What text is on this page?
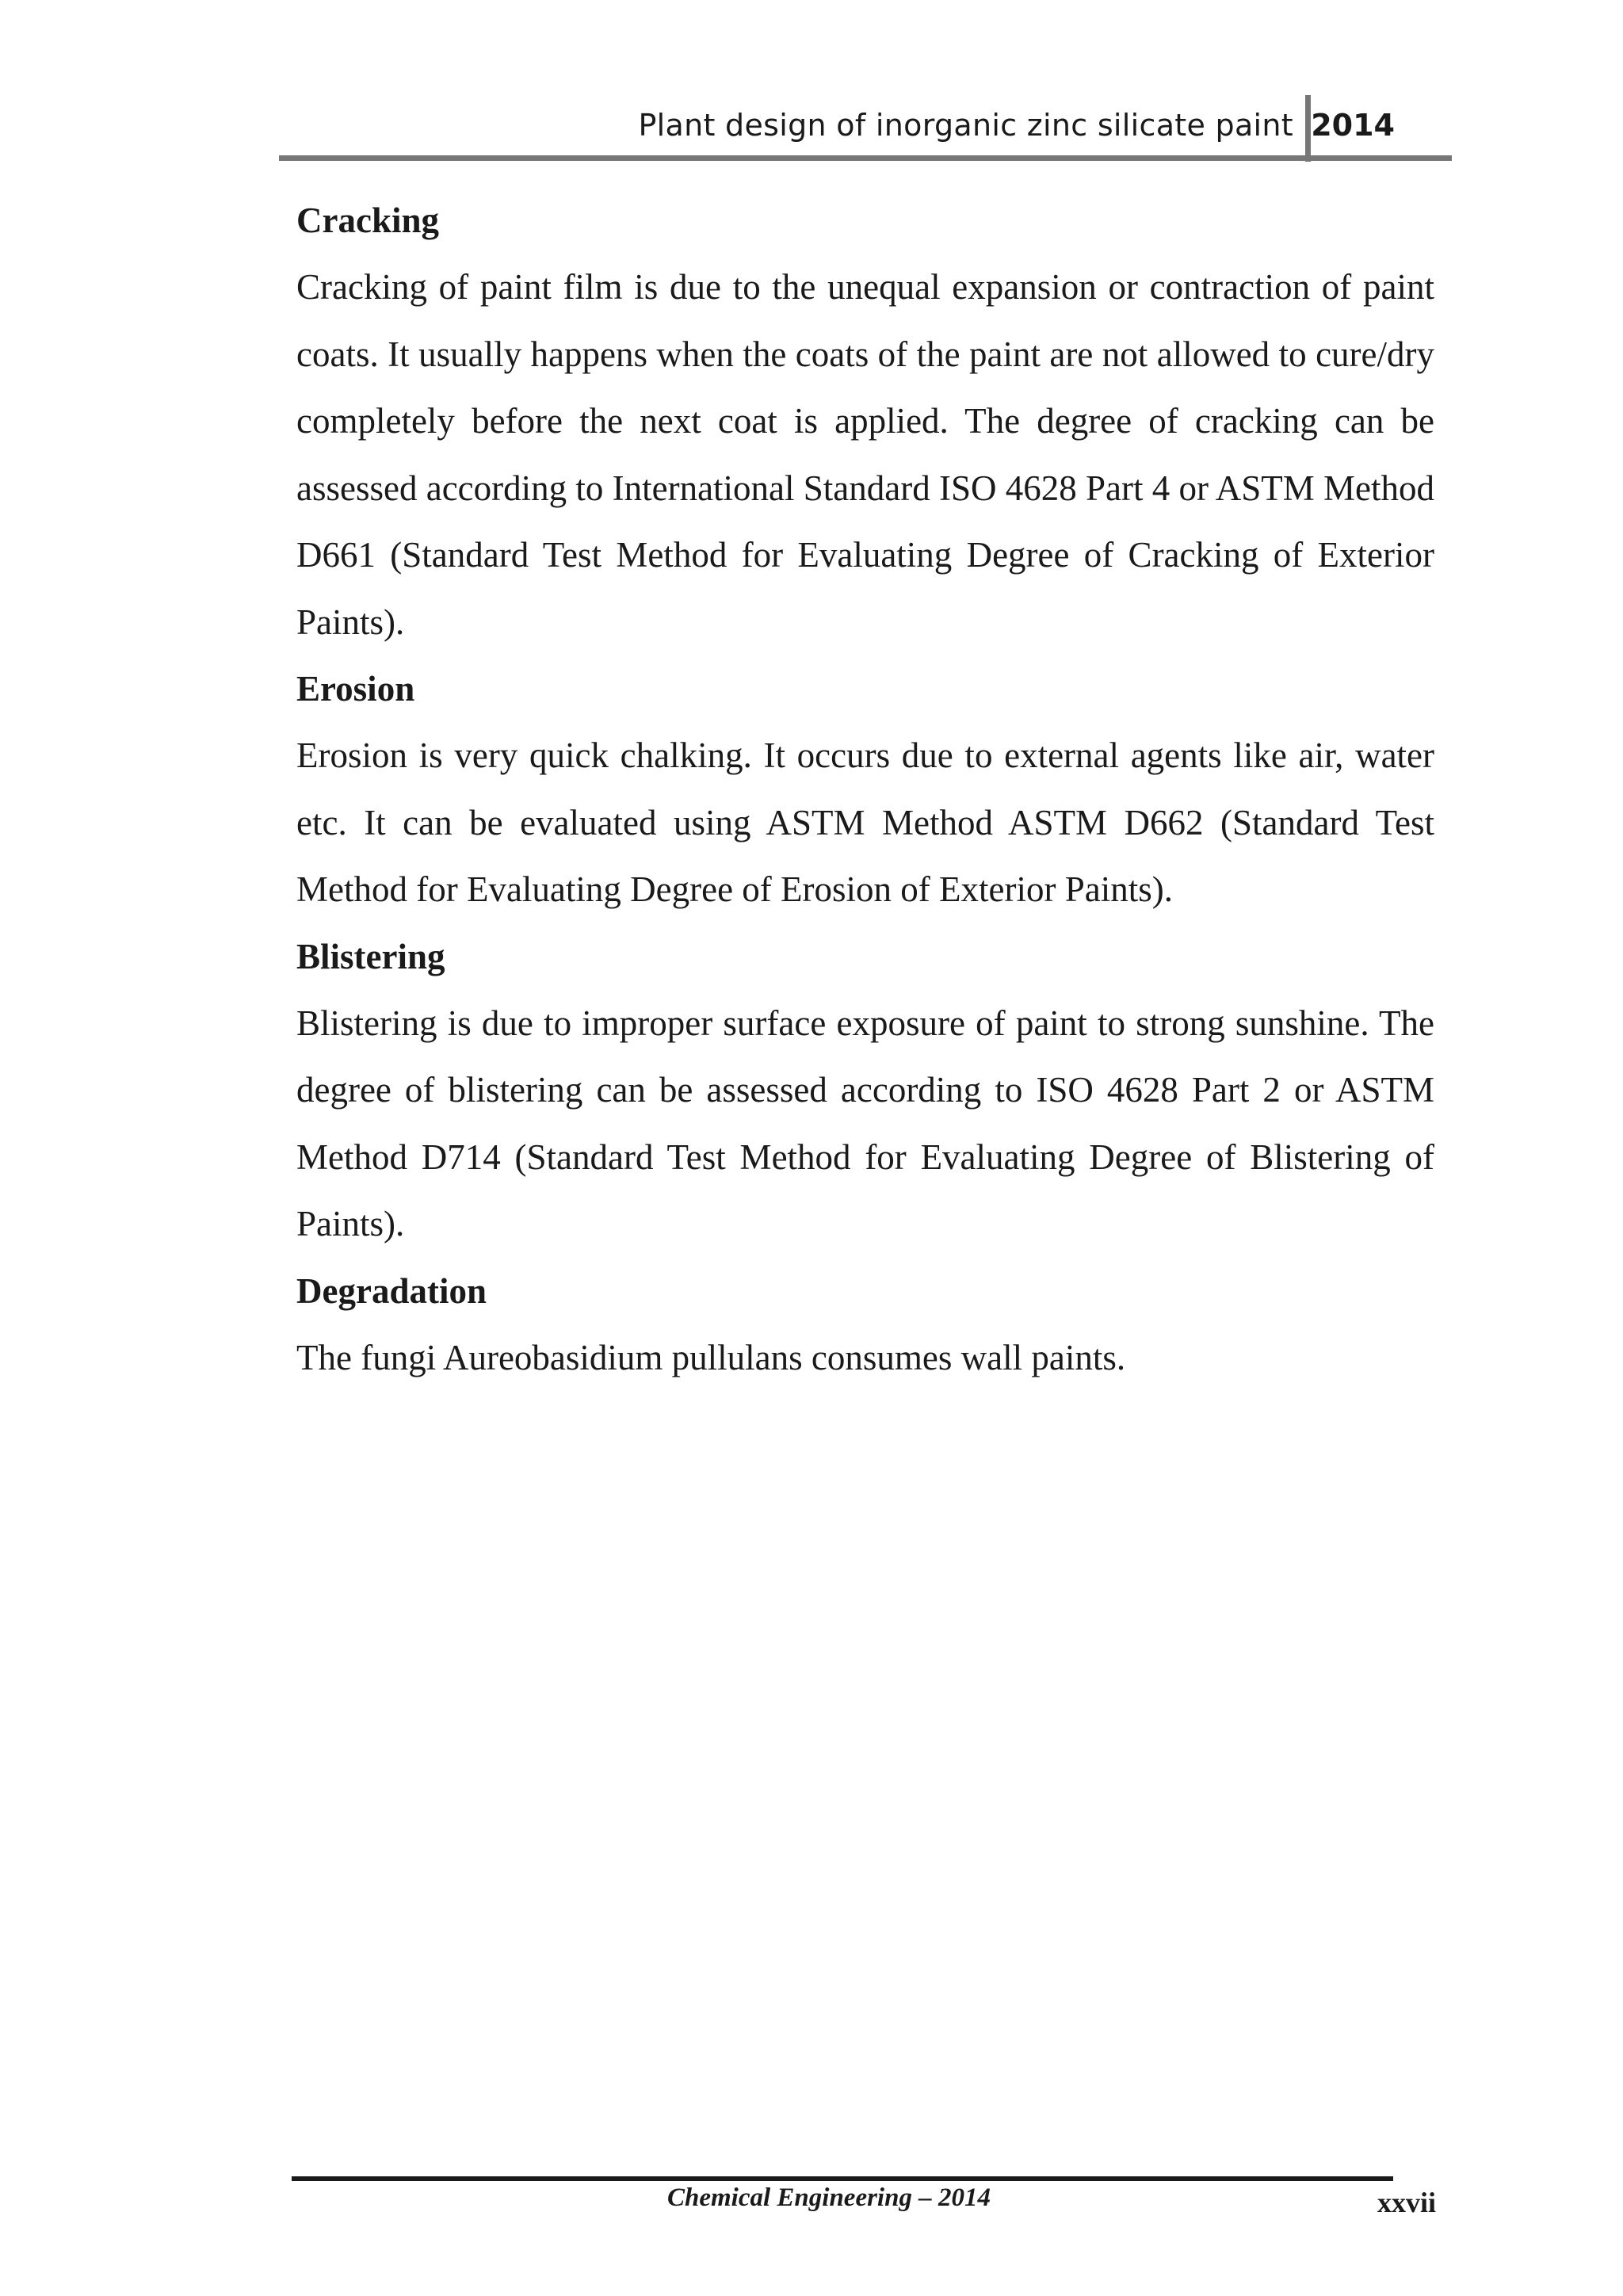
Plant design of inorganic zinc silicate paint 2014
Cracking

Cracking of paint film is due to the unequal expansion or contraction of paint coats. It usually happens when the coats of the paint are not allowed to cure/dry completely before the next coat is applied. The degree of cracking can be assessed according to International Standard ISO 4628 Part 4 or ASTM Method D661 (Standard Test Method for Evaluating Degree of Cracking of Exterior Paints).

Erosion

Erosion is very quick chalking. It occurs due to external agents like air, water etc. It can be evaluated using ASTM Method ASTM D662 (Standard Test Method for Evaluating Degree of Erosion of Exterior Paints).

Blistering

Blistering is due to improper surface exposure of paint to strong sunshine. The degree of blistering can be assessed according to ISO 4628 Part 2 or ASTM Method D714 (Standard Test Method for Evaluating Degree of Blistering of Paints).

Degradation

The fungi Aureobasidium pullulans consumes wall paints.

Chemical Engineering – 2014	xxvii
